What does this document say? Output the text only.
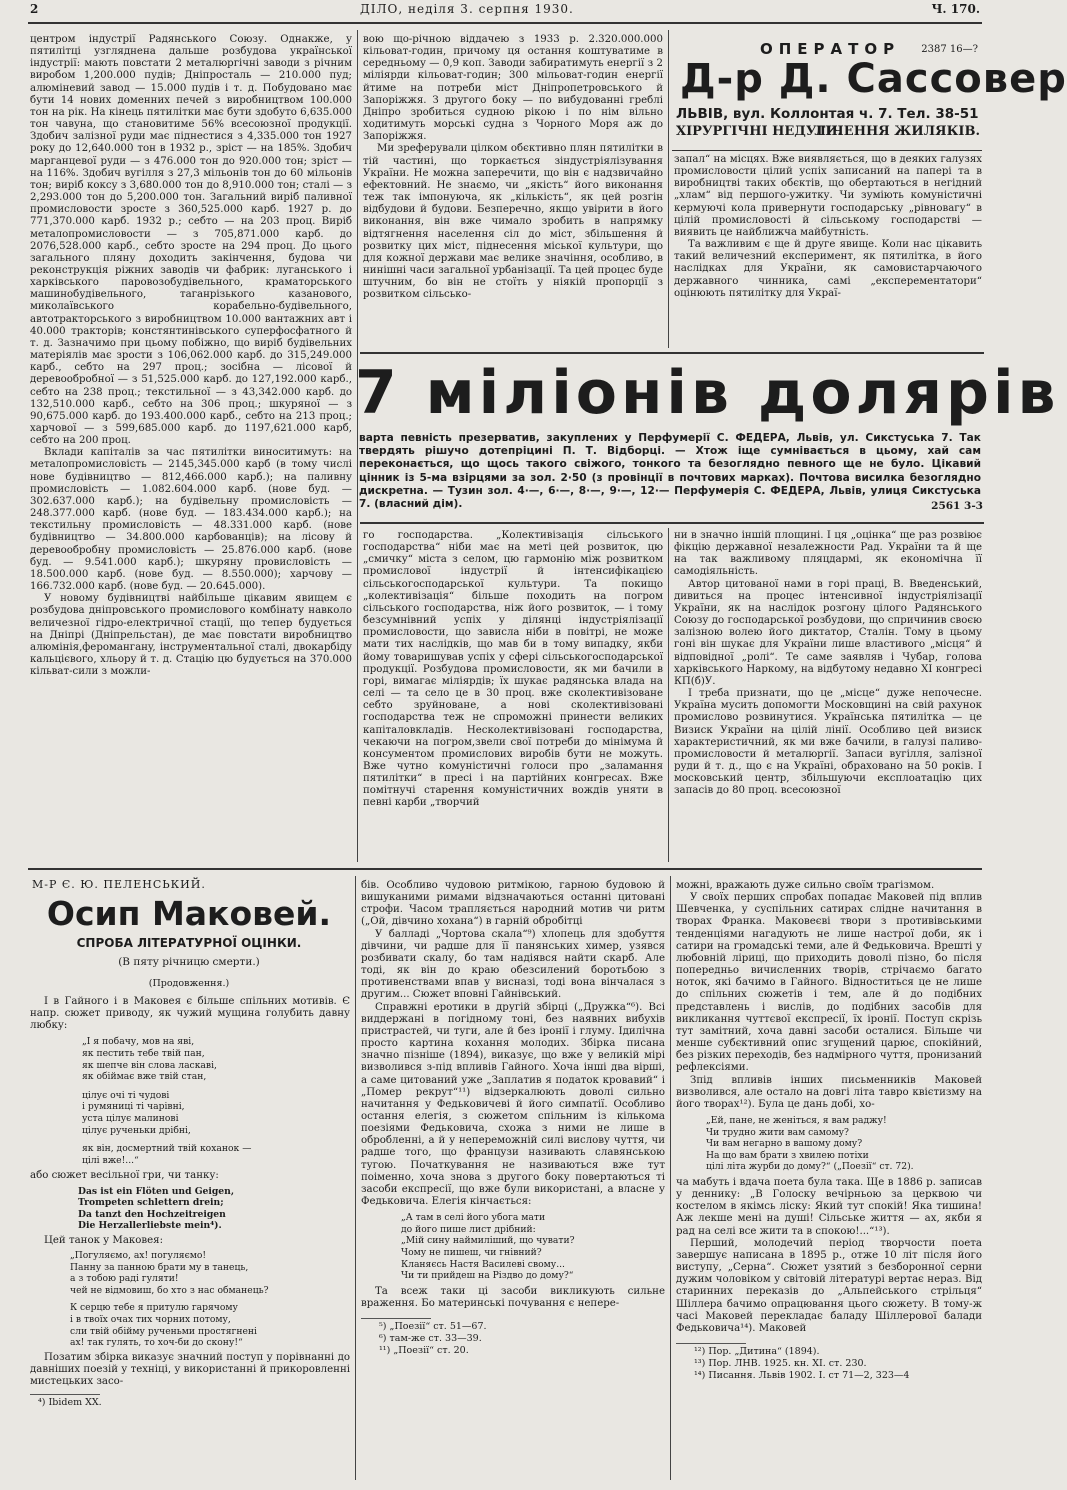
2	ДІЛО, неділя 3. серпня 1930.	Ч. 170.

центром індустрії Радянського Союзу. Однакже, у пятилітці узгляднена дальше розбудова української індустрії: мають повстати 2 металюргічні заводи з річним виробом 1,200.000 пудів; Дніпросталь — 210.000 пуд; алюміневий завод — 15.000 пудів і т. д. Побудовано має бути 14 нових доменних печей з виробництвом 100.000 тон на рік. На кінець пятилітки має бути здобуто 6,635.000 тон чавуна, що становитиме 56% всесоюзної продукції. Здобич залізної руди має піднестися з 4,335.000 тон 1927 року до 12,640.000 тон в 1932 р., зріст — на 185%. Здобич марганцевої руди — з 476.000 тон до 920.000 тон; зріст — на 116%. Здобич вугілля з 27,3 мільонів тон до 60 мільонів тон; виріб коксу з 3,680.000 тон до 8,910.000 тон; сталі — з 2,293.000 тон до 5,200.000 тон. Загальний виріб паливної промисловости зросте з 360,525.000 карб. 1927 р. до 771,370.000 карб. 1932 р.; себто — на 203 проц. Виріб металопромисловости — з 705,871.000 карб. до 2076,528.000 карб., себто зросте на 294 проц. До цього загального пляну доходить закінчення, будова чи реконструкція ріжних заводів чи фабрик: луганського і харківського паровозобудівельного, краматорського машинобудівельного, таганрізького казанового, миколаївського корабельно-будівельного, автотракторського з виробництвом 10.000 вантажних авт і 40.000 тракторів; констянтинівського суперфосфатного й т. д. Зазначимо при цьому побіжно, що виріб будівельних матеріялів має зрости з 106,062.000 карб. до 315,249.000 карб., себто на 297 проц.; зосібна — лісової й деревообробної — з 51,525.000 карб. до 127,192.000 карб., себто на 238 проц.; текстильної — з 43,342.000 карб. до 132,510.000 карб., себто на 306 проц.; шкуряної — з 90,675.000 карб. до 193.400.000 карб., себто на 213 проц.; харчової — з 599,685.000 карб. до 1197,621.000 карб, себто на 200 проц.

Вклади капіталів за час пятилітки виноситимуть: на металопромисловість — 2145,345.000 карб (в тому числі нове будівництво — 812,466.000 карб.); на паливну промисловість — 1.082.604.000 карб. (нове буд. — 302.637.000 карб.); на будівельну промисловість — 248.377.000 карб. (нове буд. — 183.434.000 карб.); на текстильну промисловість — 48.331.000 карб. (нове будівництво — 34.800.000 карбованців); на лісову й деревообробну промисловість — 25.876.000 карб. (нове буд. — 9.541.000 карб.); шкуряну провисловість — 18.500.000 карб. (нове буд. — 8.550.000); харчову — 166.732.000 карб. (нове буд. — 20.645.000).

У новому будівництві найбільше цікавим явищем є розбудова дніпровського промислового комбінату навколо величезної гідро-електричної стації, що тепер будується на Дніпрі (Дніпрельстан), де має повстати виробництво алюмінія,фероманганy, інструментальної сталі, двокарбіду кальцієвого, хльору й т. д. Стацію цю будується на 370.000 кільват-сили з можли-

вою що-річною віддачею з 1933 р. 2.320.000.000 кільоват-годин, причому ця остання коштуватиме в середньому — 0,9 коп. Заводи забиратимуть енергії з 2 міліярди кільоват-годин; 300 мільоват-годин енергії йтиме на потреби міст Дніпропетровського й Запоріжжя. З другого боку — по вибудованні греблі Дніпро зробиться судною рікою і по нім вільно ходитимуть морські судна з Чорного Моря аж до Запоріжжя.

Ми зреферували цілком обєктивно плян пятилітки в тій частині, що торкається зіндустріялізування України. Не можна заперечити, що він є надзвичайно ефектовний. Не знаємо, чи „якість“ його виконання теж так імпонуюча, як „кількість“, як цей розгін відбудови й будови. Безперечно, якщо увірити в його виконання, він вже чимало зробить в напрямку відтягнення населення сіл до міст, збільшення й розвитку цих міст, піднесення міської культури, що для кожної держави має велике значіння, особливо, в нинішні часи загальної урбанізації. Та цей процес буде штучним, бо він не стоїть у ніякій пропорції з розвитком сільсько-

ОПЕРАТОР 2387 16—?
Д-р Д. Сассовер
ЛЬВІВ, вул. Коллонтая ч. 7. Тел. 38-51
ХІРУРГІЧНІ НЕДУГИ.
ЛІЧЕННЯ ЖИЛЯКІВ.

запал“ на місцях. Вже виявляється, що в деяких галузях промисловости цілий успіх записаний на папері та в виробництві таких обєктів, що обертаються в негідний „хлам“ від першого-ужитку. Чи зуміють комуністичні кермуючі кола привернути господарську „рівновагу“ в цілій промисловості й сільському господарстві — виявить це найближча майбутність.

Та важливим є ще й друге явище. Коли нас цікавить такий величезний експеримент, як пятилітка, в його наслідках для України, як самовистарчаючого державного чинника, самі „експерементатори“ оцінюють пятилітку для Украї-

7 міліонів долярів
варта певність презерватив, закуплених у Перфумерії С. ФЕДЕРА, Львів, ул. Сикстуська 7. Так твердять рішучо дотепріцині П. Т. Відборці. — Хтож іще сумнівається в цьому, хай сам переконається, що щось такого свіжого, тонкого та безоглядно певного ще не було. Цікавий цінник із 5-ма взірцями за зол. 2·50 (з провінції в почтових марках). Почтова висилка безоглядно дискретна. — Тузин зол. 4·—, 6·—, 8·—, 9·—, 12·— Перфумерія С. ФЕДЕРА, Львів, улиця Сикстуська 7. (власний дім).	2561 3-3

го господарства. „Колективізація сільського господарства“ ніби має на меті цей розвиток, цю „смичку“ міста з селом, цю гармонію між розвитком промислової індустрії й інтенсифікацією сільськогосподарської культури. Та покищо „колективізація“ більше походить на погром сільського господарства, ніж його розвиток, — і тому безсумнівний успіх у ділянці індустріялізації промисловости, що зависла ніби в повітрі, не може мати тих наслідків, що мав би в тому випадку, якби йому товаришував успіх у сфері сільськогосподарської продукції. Розбудова промисловости, як ми бачили в горі, вимагає міліярдів; їх шукає радянська влада на селі — та село це в 30 проц. вже сколективізоване себто зруйноване, а нові сколективізовані господарства теж не спроможні принести великих капіталовкладів. Несколективізовані господарства, чекаючи на погром,звели свої потреби до мінімума й консументом промислових виробів бути не можуть. Вже чутно комуністичні голоси про „заламання пятилітки“ в пресі і на партійних конгресах. Вже помітнучі старення комуністичних вождів уняти в певні карби „творчий

ни в значно іншій площині. І ця „оцінка“ ще раз розвіює фікцію державної незалежности Рад. України та й ще на так важливому пляцдармі, як економічна її самодіяльність.

Автор цитованої нами в горі праці, В. Введенський, дивиться на процес інтенсивної індустріялізації України, як на наслідок розгону цілого Радянського Союзу до господарської розбудови, що спричинив своєю залізною волею його диктатор, Сталін. Тому в цьому гоні він шукає для України лише властивого „місця“ й відповідної „ролі“. Те саме заявляв і Чубар, голова харківського Наркому, на відбутому недавно XI конгресі КП(б)У.

І треба признати, що це „місце“ дуже непочесне. Україна мусить допомогти Московщині на свій рахунок промислово розвинутися. Українська пятилітка — це Визиск України на цілій лінії. Особливо цей визиск характеристичний, як ми вже бачили, в галузі паливо-промисловости й металюргії. Запаси вугілля, залізної руди й т. д., що є на Україні, обраховано на 50 років. І московський центр, збільшуючи експлоатацію цих запасів до 80 проц. всесоюзної

М-Р Є. Ю. ПЕЛЕНСЬКИЙ.
Осип Маковей.
СПРОБА ЛІТЕРАТУРНОЇ ОЦІНКИ.
(В пяту річницю смерти.)
(Продовження.)

І в Гайного і в Маковея є більше спільних мотивів. Є напр. сюжет приводу, як чужий мущина голубить давну любку:

„І я побачу, мов на яві,
як пестить тебе твій пан,
як шепче він слова ласкаві,
як обіймає вже твій стан,
цілує очі ті чудові
і румяниці ті чарівні,
уста цілує малинові
цілує рученьки дрібні,
як він, досмертний твій коханок —
цілі вже!...“

або сюжет весільної гри, чи танку:

Das ist ein Flöten und Geigen,
Trompeten schlettern drein;
Da tanzt den Hochzeitreigen
Die Herzallerliebste mein⁴).

Цей танок у Маковея:

„Погуляємо, ах! погуляємо!
Панну за панною брати му в танець,
а з тобою раді гуляти!
чей не відмовиш, бо хто з нас обманець?
К серцю тебе я притулю гарячому
і в твоїх очах тих чорних потому,
сли твій обійму рученьми простягнені
ах! так гулять, то хоч-би до скону!“

Позатим збірка виказує значний поступ у порівнанні до давніших поезій у техніці, у використанні й прикоровленні мистецьких засо-

⁴) Ibidem XX.

бів. Особливо чудовою ритмікою, гарною будовою й вишуканими римами відзначаються останні цитовані строфи. Часом трапляється народний мотив чи ритм („Ой, дівчино хохана“) в гарній обробітці

У балладі „Чортова скала“⁹) хлопець для здобуття дівчини, чи радше для її панянських химер, узявся розбивати скалу, бо там надіявся найти скарб. Але тоді, як він до краю обезсилений боротьбою з противенствами впав у висназі, тоді вона вінчалася з другим... Сюжет вповні Гайнівський.

Справжні еротики в другій збірці („Дружка“⁶). Всі виддержані в погідному тоні, без наявних вибухів пристрастей, чи туги, але й без іронії і глуму. Ідилічна просто картина кохання молодих. Збірка писана значно пізніше (1894), виказує, що вже у великій мірі визволився з-під впливів Гайного. Хоча інші два вірші, а саме цитований уже „Заплатив я податок кровавий“ і „Помер рекрут“¹¹) відзеркалюють доволі сильно начитання у Федьковичеві й його симпатії. Особливо остання елегія, з сюжетом спільним із кількома поезіями Федьковича, схожа з ними не лише в обробленні, а й у непереможній силі вислову чуття, чи радше того, що французи називають славянською тугою. Початкування не називаються вже тут поіменно, хоча знова з другого боку повертаються ті засоби експресії, що вже були використані, а власне у Федьковича. Елегія кінчається:

„А там в селі його убога мати
до його пише лист дрібний:
„Мій сину наймиліший, що чувати?
Чому не пишеш, чи гнівний?
Кланяєсь Настя Василеві свому...
Чи ти прийдеш на Різдво до дому?“

Та всеж таки ці засоби викликують сильне враження. Бо материнські почування є непере-

⁵) „Поезії“ ст. 51—67.
⁶) там-же ст. 33—39.
¹¹) „Поезії“ ст. 20.

можні, вражають дуже сильно своїм трагізмом.

У своїх перших спробах попадає Маковей під вплив Шевченка, у суспільних сатирах слідне начитання в творах Франка. Маковеєві твори з противівськими тенденціями нагадують не лише настрої доби, як і сатири на громадські теми, але й Федьковича. Врешті у любовній ліриці, що приходить доволі пізно, бо після попередньо вичисленних творів, стрічаємо багато ноток, які бачимо в Гайного. Відноститься це не лише до спільних сюжетів і тем, але й до подібних представлень і вислів, до подібних засобів для викликання чуттєвої експресії, їх іронії. Поступ скрізь тут замітний, хоча давні засоби осталися. Більше чи менше субєктивний опис згущений царює, спокійний, без різких переходів, без надмірного чуття, пронизаний рефлексіями.

Зпід впливів інших письменників Маковей визволився, але остало на довгі літа тавро квієтизму на його творах¹²). Була це дань добі, хо-

„Ей, пане, не женіться, я вам раджу!
Чи трудно жити вам самому?
Чи вам негарно в вашому дому?
На що вам брати з хвилею потіхи
цілі літа журби до дому?“ („Поезії“ ст. 72).

ча мабуть і вдача поета була така. Ще в 1886 р. записав у деннику: „В Голоску вечірньою за церквою чи костелом в якімсь ліску: Який тут спокій! Яка тишина! Аж лекше мені на душі! Сільське життя — ах, якби я рад на селі все жити та в спокою!...“¹³).

Перший, молодечий період творчости поета завершує написана в 1895 р., отже 10 літ після його виступу, „Серна“. Сюжет узятий з безборонної серни дужим чоловіком у світовій літературі вертає нераз. Від старинних переказів до „Альпейського стрільця“ Шіллера бачимо опрацювання цього сюжету. В тому-ж часі Маковей перекладає баладу Шіллерової балади Федьковича¹⁴). Маковей

¹²) Пор. „Дитина“ (1894).
¹³) Пор. ЛНВ. 1925. кн. XI. ст. 230.
¹⁴) Писання. Львів 1902. І. ст 71—2, 323—4
